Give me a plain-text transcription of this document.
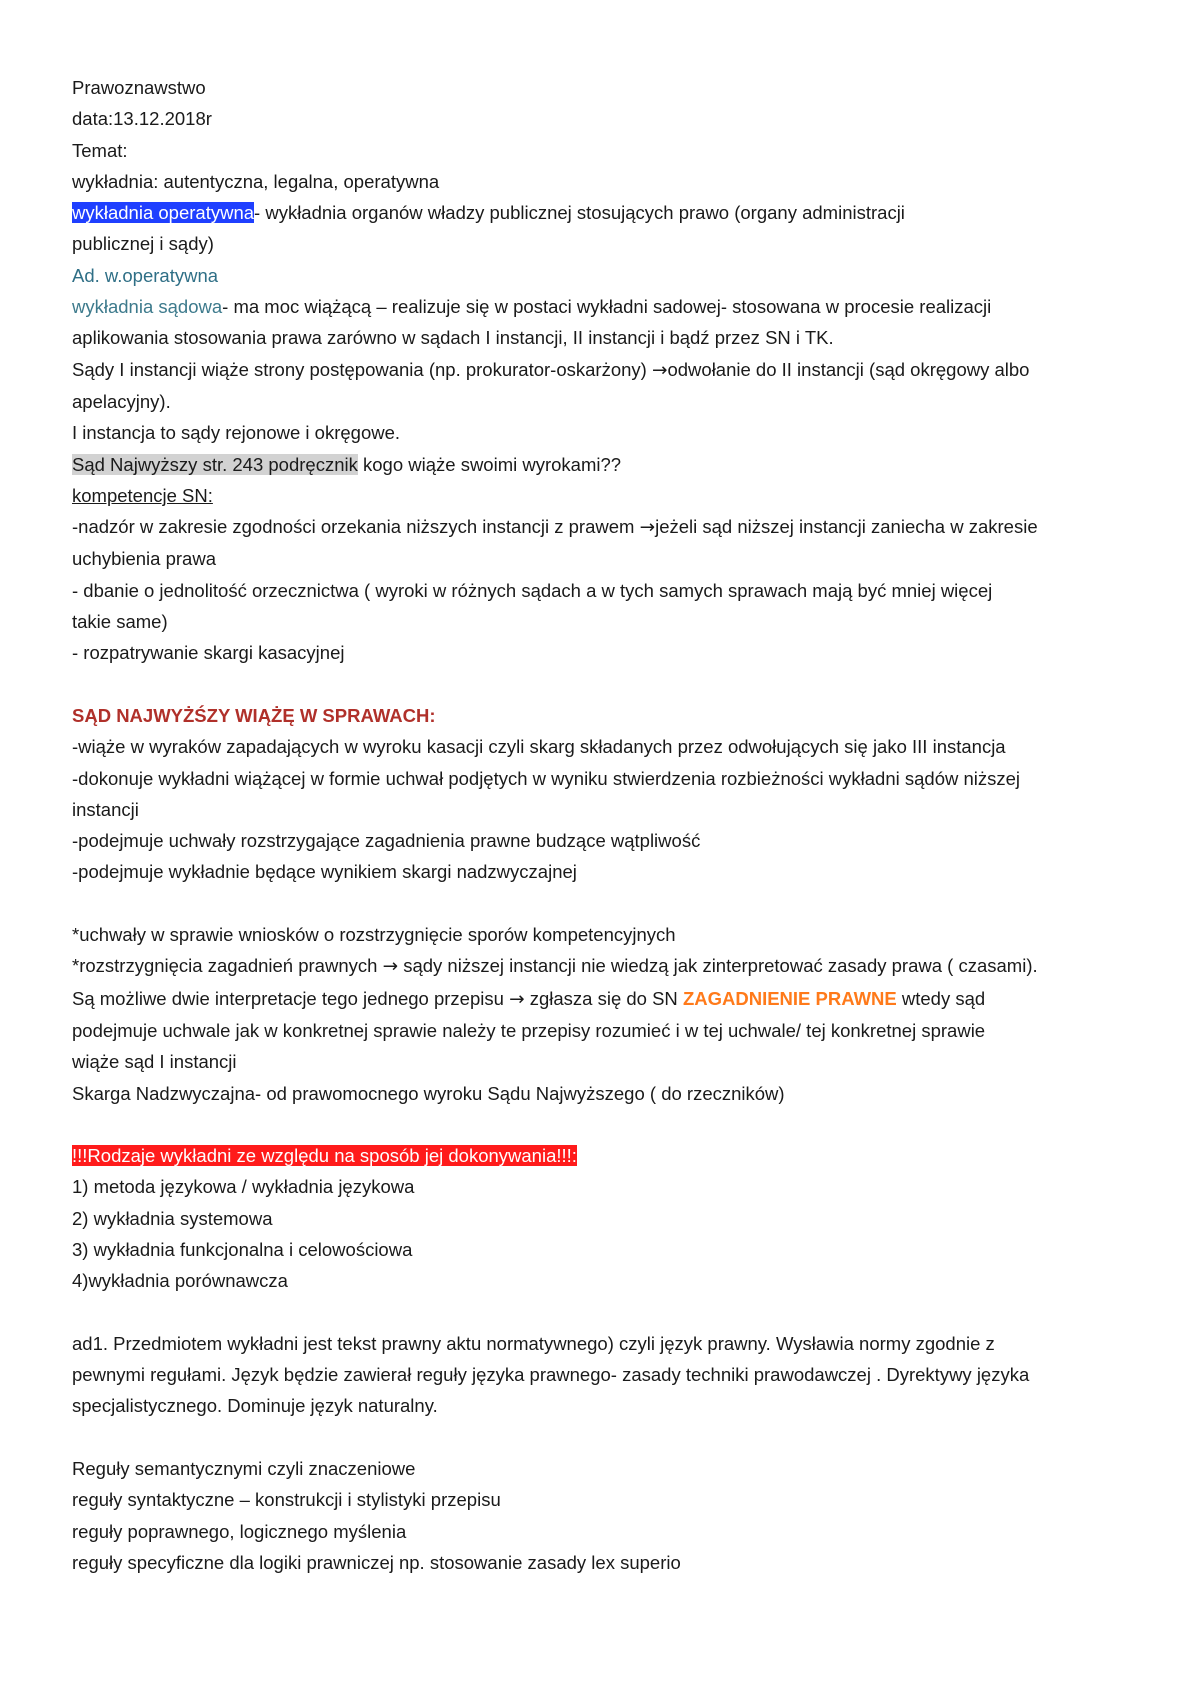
Prawoznawstwo

data:13.12.2018r

Temat:

wykładnia: autentyczna, legalna, operatywna

wykładnia operatywna- wykładnia organów władzy publicznej stosujących prawo (organy administracji

publicznej i sądy)

Ad. w.operatywna

wykładnia sądowa- ma moc wiążącą – realizuje się w postaci wykładni sadowej- stosowana w procesie realizacji

aplikowania stosowania prawa zarówno w sądach I instancji, II instancji i bądź przez SN i TK.

Sądy I instancji wiąże strony postępowania (np. prokurator-oskarżony) →odwołanie do II instancji (sąd okręgowy albo

apelacyjny).

I instancja to sądy rejonowe i okręgowe.

Sąd Najwyższy str. 243 podręcznik kogo wiąże swoimi wyrokami??

kompetencje SN:

-nadzór w zakresie zgodności orzekania niższych instancji z prawem →jeżeli sąd niższej instancji zaniecha w zakresie

uchybienia prawa

- dbanie o jednolitość orzecznictwa ( wyroki w różnych sądach a w tych samych sprawach mają być mniej więcej

takie same)

- rozpatrywanie skargi kasacyjnej

SĄD NAJWYŻŚZY WIĄŻĘ W SPRAWACH:

-wiąże w wyraków zapadających w wyroku kasacji czyli skarg składanych przez odwołujących się jako III instancja

-dokonuje wykładni wiążącej w formie uchwał podjętych w wyniku stwierdzenia rozbieżności wykładni sądów niższej

instancji

-podejmuje uchwały rozstrzygające zagadnienia prawne budzące wątpliwość

-podejmuje wykładnie będące wynikiem skargi nadzwyczajnej

*uchwały w sprawie wniosków o rozstrzygnięcie sporów kompetencyjnych

*rozstrzygnięcia zagadnień prawnych → sądy niższej instancji nie wiedzą jak zinterpretować zasady prawa ( czasami).

Są możliwe dwie interpretacje tego jednego przepisu → zgłasza się do SN ZAGADNIENIE PRAWNE wtedy sąd

podejmuje uchwale jak w konkretnej sprawie należy te przepisy rozumieć i w tej uchwale/ tej konkretnej sprawie

wiąże sąd I instancji

Skarga Nadzwyczajna- od prawomocnego wyroku Sądu Najwyższego ( do rzeczników)

!!!Rodzaje wykładni ze względu na sposób jej dokonywania!!!:

1) metoda językowa / wykładnia językowa

2) wykładnia systemowa

3) wykładnia funkcjonalna i celowościowa

4)wykładnia porównawcza

ad1. Przedmiotem wykładni jest tekst prawny aktu normatywnego) czyli język prawny. Wysławia normy zgodnie z

pewnymi regułami. Język będzie zawierał reguły języka prawnego- zasady techniki prawodawczej . Dyrektywy języka

specjalistycznego. Dominuje język naturalny.

Reguły semantycznymi czyli znaczeniowe

reguły syntaktyczne – konstrukcji i stylistyki przepisu

reguły poprawnego, logicznego myślenia

reguły specyficzne dla logiki prawniczej np. stosowanie zasady lex superio
